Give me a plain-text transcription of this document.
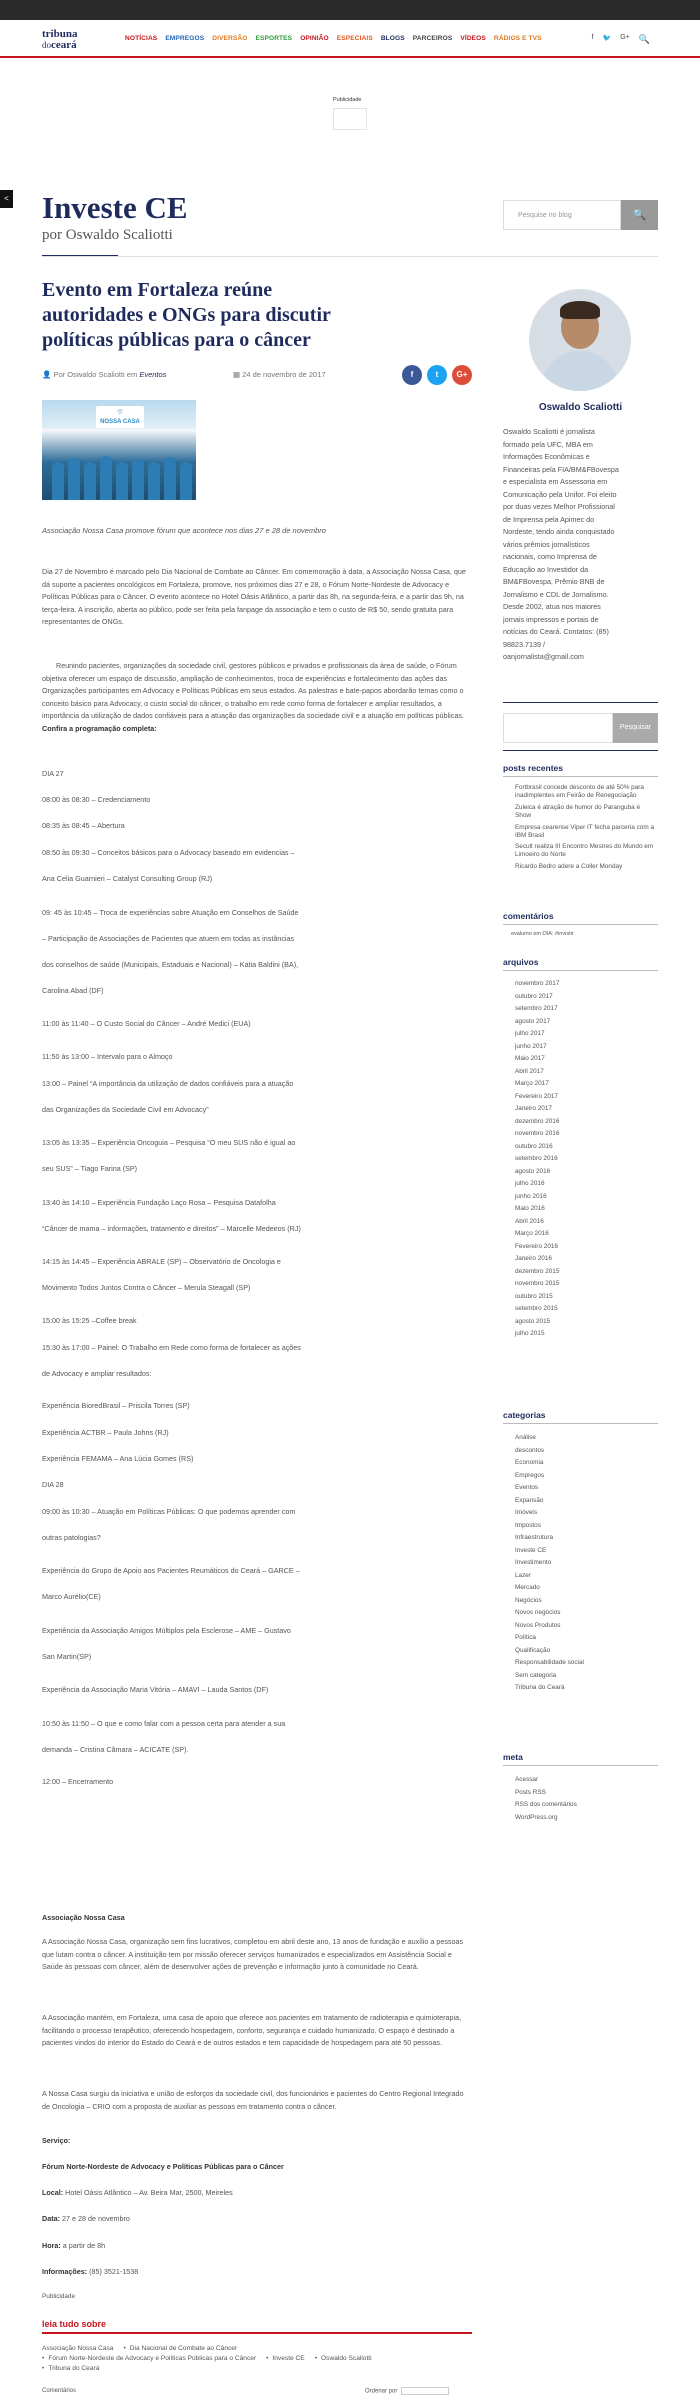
tribuna
doceará
NOTÍCIAS EMPREGOS DIVERSÃO ESPORTES OPINIÃO ESPECIAIS BLOGS PARCEIROS VÍDEOS RÁDIOS E TVS	f 🐦 G+ 🔍
Publicidade
< Investe CE
por Oswaldo Scaliotti
Pesquise no blog	🔍
Evento em Fortaleza reúne autoridades e ONGs para discutir políticas públicas para o câncer
👤 Por Oswaldo Scaliotti em Eventos	▦ 24 de novembro de 2017	f	t	G+
♡
NOSSA CASA
Associação Nossa Casa promove fórum que acontece nos dias 27 e 28 de novembro
Dia 27 de Novembro é marcado pelo Dia Nacional de Combate ao Câncer. Em comemoração à data, a Associação Nossa Casa, que dá suporte a pacientes oncológicos em Fortaleza, promove, nos próximos dias 27 e 28, o Fórum Norte-Nordeste de Advocacy e Políticas Públicas para o Câncer. O evento acontece no Hotel Oásis Atlântico, a partir das 8h, na segunda-feira, e a partir das 9h, na terça-feira. A inscrição, aberta ao público, pode ser feita pela fanpage da associação e tem o custo de R$ 50, sendo gratuita para representantes de ONGs.
Reunindo pacientes, organizações da sociedade civil, gestores públicos e privados e profissionais da área de saúde, o Fórum objetiva oferecer um espaço de discussão, ampliação de conhecimentos, troca de experiências e fortalecimento das ações das Organizações participantes em Advocacy e Políticas Públicas em seus estados. As palestras e bate-papos abordarão temas como o conceito básico para Advocacy, o custo social do câncer, o trabalho em rede como forma de fortalecer e ampliar resultados, a importância da utilização de dados confiáveis para a atuação das organizações da sociedade civil e a atuação em políticas públicas. Confira a programação completa:

DIA 27

08:00 às 08:30 – Credenciamento

08:35 às 08:45 – Abertura

08:50 às 09:30 – Conceitos básicos para o Advocacy baseado em evidencias – Ana Celia Guarnieri – Catalyst Consulting Group (RJ)

09: 45 às 10:45 – Troca de experiências sobre Atuação em Conselhos de Saúde – Participação de Associações de Pacientes que atuem em todas as instâncias dos conselhos de saúde (Municipais, Estaduais e Nacional) – Katia Baldini (BA), Carolina Abad (DF)

11:00 às 11:40 – O Custo Social do Câncer – André Medici (EUA)

11:50 às 13:00 – Intervalo para o Almoço

13:00 – Painel “A importância da utilização de dados confiáveis para a atuação das Organizações da Sociedade Civil em Advocacy”

13:05 às 13:35 – Experiência Oncoguia – Pesquisa “O meu SUS não é igual ao seu SUS” – Tiago Farina (SP)

13:40 às 14:10 – Experiência Fundação Laço Rosa – Pesquisa Datafolha “Câncer de mama – informações, tratamento e direitos” – Marcelle Medeiros (RJ)

14:15 às 14:45 – Experiência ABRALE (SP) – Observatório de Oncologia e Movimento Todos Juntos Contra o Câncer – Merula Steagall (SP)

15:00 às 15:25 –Coffee break

15:30 às 17:00 – Painel: O Trabalho em Rede como forma de fortalecer as ações de Advocacy e ampliar resultados:

Experiência BioredBrasil – Priscila Torres (SP)

Experiência ACTBR – Paula Johns (RJ)

Experiência FEMAMA – Ana Lúcia Gomes (RS)

DIA 28

09:00 às 10:30 – Atuação em Políticas Públicas: O que podemos aprender com outras patologias?

Experiência do Grupo de Apoio aos Pacientes Reumáticos do Ceará – GARCE – Marco Aurélio(CE)

Experiência da Associação Amigos Múltiplos pela Esclerose – AME – Gustavo San Martin(SP)

Experiência da Associação Maria Vitória – AMAVI – Lauda Santos (DF)

10:50 às 11:50 – O que e como falar com a pessoa certa para atender a sua demanda – Cristina Câmara – ACICATE (SP).

12:00 – Encerramento

Associação Nossa Casa
A Associação Nossa Casa, organização sem fins lucrativos, completou em abril deste ano, 13 anos de fundação e auxílio a pessoas que lutam contra o câncer. A instituição tem por missão oferecer serviços humanizados e especializados em Assistência Social e Saúde às pessoas com câncer, além de desenvolver ações de prevenção e informação junto à comunidade no Ceará.
A Associação mantém, em Fortaleza, uma casa de apoio que oferece aos pacientes em tratamento de radioterapia e quimioterapia, facilitando o processo terapêutico, oferecendo hospedagem, conforto, segurança e cuidado humanizado. O espaço é destinado a pacientes vindos do interior do Estado do Ceará e de outros estados e tem capacidade de hospedagem para até 50 pessoas.
A Nossa Casa surgiu da iniciativa e união de esforços da sociedade civil, dos funcionários e pacientes do Centro Regional Integrado de Oncologia – CRIO com a proposta de auxiliar as pessoas em tratamento contra o câncer.
Serviço:
Fórum Norte-Nordeste de Advocacy e Políticas Públicas para o Câncer
Local: Hotel Oásis Atlântico – Av. Beira Mar, 2500, Meireles
Data: 27 e 28 de novembro
Hora: a partir de 8h
Informações: (85) 3521-1538
Publicidade
leia tudo sobre
Associação Nossa Casa • Dia Nacional de Combate ao Câncer
• Fórum Norte-Nordeste de Advocacy e Políticas Públicas para o Câncer • Investe CE • Oswaldo Scaliotti
• Tribuna do Ceará
Comentários	Ordenar por
Oswaldo Scaliotti
Oswaldo Scaliotti é jornalista formado pela UFC, MBA em Informações Econômicas e Financeiras pela FIA/BM&FBovespa e especialista em Assessoria em Comunicação pela Unifor. Foi eleito por duas vezes Melhor Profissional de Imprensa pela Apimec do Nordeste, tendo ainda conquistado vários prêmios jornalísticos nacionais, como Imprensa de Educação ao Investidor da BM&FBovespa, Prêmio BNB de Jornalismo e CDL de Jornalismo. Desde 2002, atua nos maiores jornais impressos e portais de notícias do Ceará. Contatos: (85) 98823.7139 / oanjornalista@gmail.com
Pesquisar
posts recentes
Fortbrasil concede desconto de até 50% para inadimplentes em Feirão de Renegociação
Zuleica é atração de humor do Paranguba é Show
Empresa cearense Viper IT fecha parceria com a IBM Brasil
Secult realiza III Encontro Mestres do Mundo em Limoeiro do Norte
Ricardo Bedro adere a Coller Monday
comentários
evalumo em OIA: #invistir
arquivos
novembro 2017
outubro 2017
setembro 2017
agosto 2017
julho 2017
junho 2017
Maio 2017
Abril 2017
Março 2017
Fevereiro 2017
Janeiro 2017
dezembro 2016
novembro 2016
outubro 2016
setembro 2016
agosto 2016
julho 2016
junho 2016
Maio 2016
Abril 2016
Março 2016
Fevereiro 2016
Janeiro 2016
dezembro 2015
novembro 2015
outubro 2015
setembro 2015
agosto 2015
julho 2015
categorias
Análise
descontos
Economia
Empregos
Eventos
Expansão
Imóveis
Impostos
Infraestrutura
Investe CE
Investimento
Lazer
Mercado
Negócios
Novos negócios
Novos Produtos
Política
Qualificação
Responsabilidade social
Sem categoria
Tribuna do Ceará
meta
Acessar
Posts RSS
RSS dos comentários
WordPress.org
